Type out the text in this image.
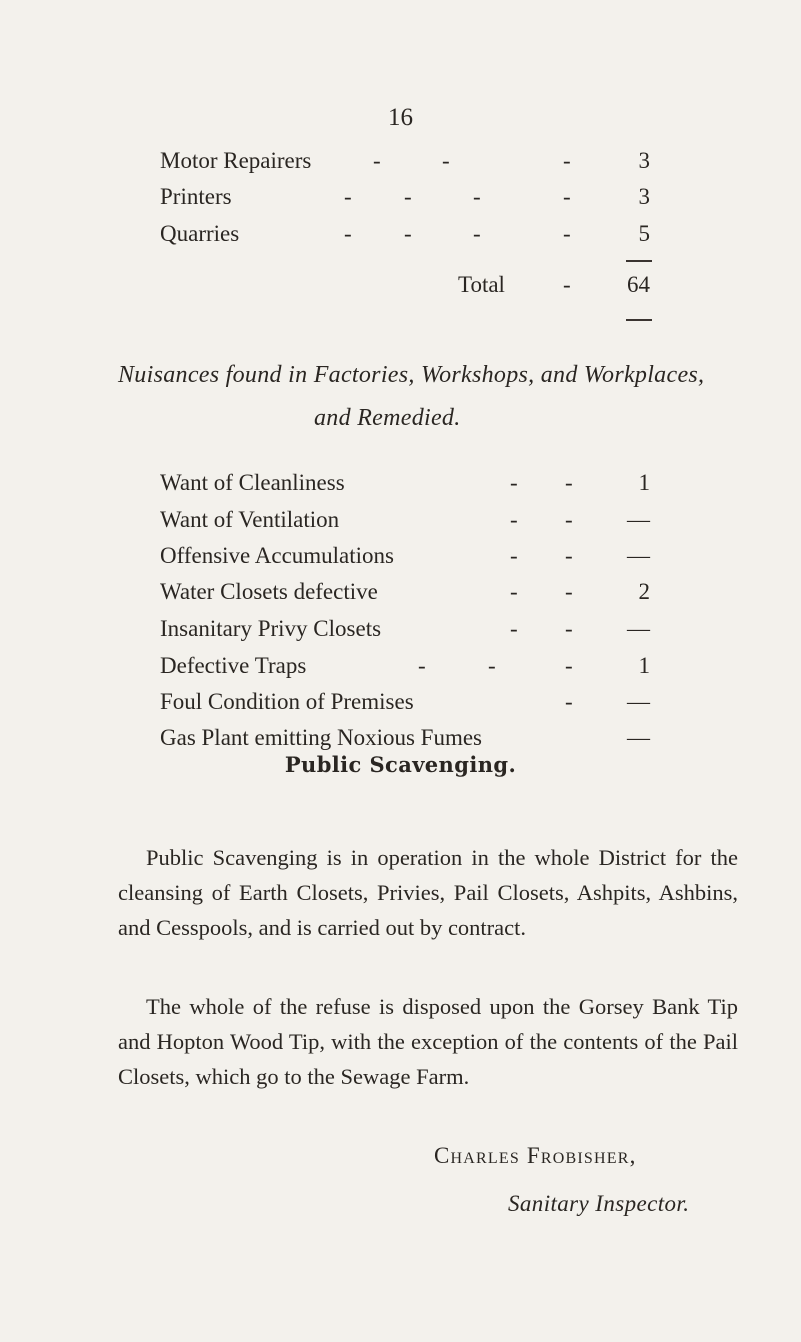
16
Motor Repairers	-	-	-	3
Printers	- -	-	-	3
Quarries	- -	-	-	5
Total	-	64
Nuisances found in Factories, Workshops, and Workplaces,
and Remedied.
Want of Cleanliness	- -	1
Want of Ventilation	- -	—
Offensive Accumulations	- -	—
Water Closets defective	- -	2
Insanitary Privy Closets	- -	—
Defective Traps	-	-	-	1
Foul Condition of Premises	-	—
Gas Plant emitting Noxious Fumes	—
Public Scavenging.
Public Scavenging is in operation in the whole District for the cleansing of Earth Closets, Privies, Pail Closets, Ashpits, Ashbins, and Cesspools, and is carried out by contract.
The whole of the refuse is disposed upon the Gorsey Bank Tip and Hopton Wood Tip, with the exception of the contents of the Pail Closets, which go to the Sewage Farm.
Charles Frobisher,
Sanitary Inspector.
